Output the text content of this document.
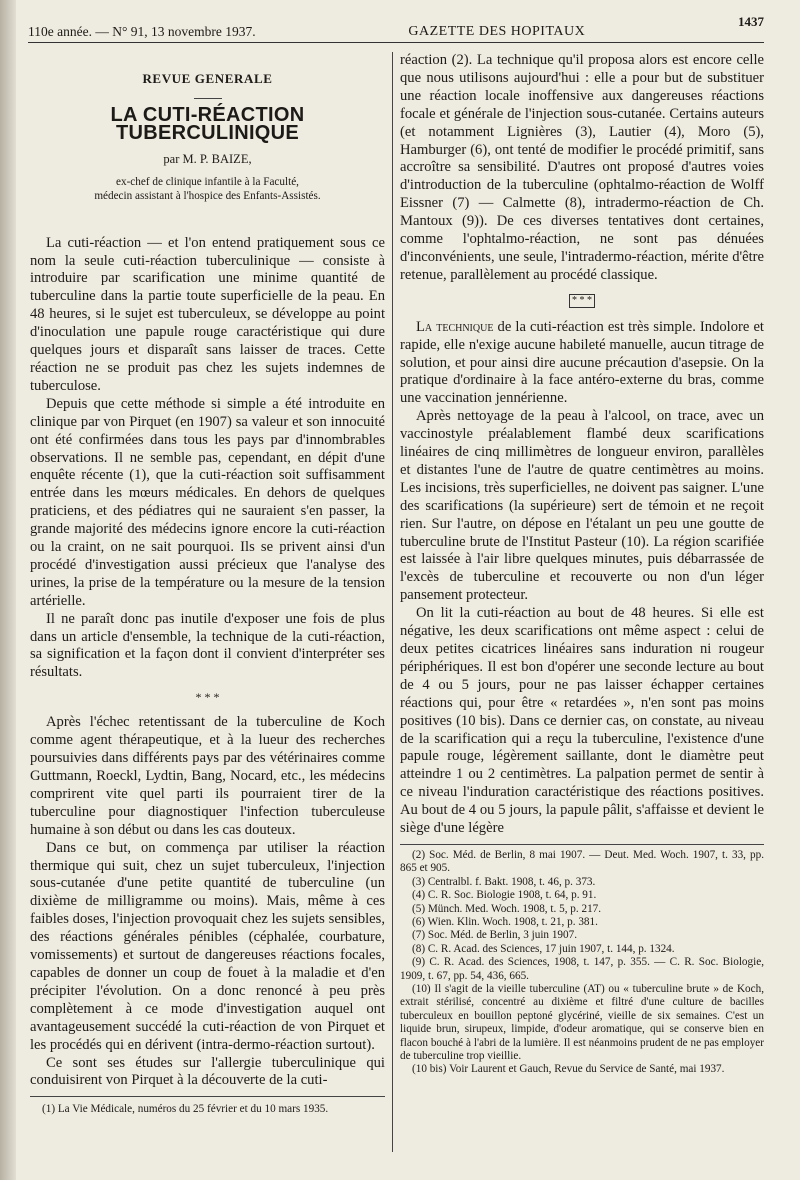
110e année. — N° 91, 13 novembre 1937.	GAZETTE DES HOPITAUX
1437
REVUE GENERALE
LA CUTI-RÉACTION TUBERCULINIQUE
par M. P. BAIZE,
ex-chef de clinique infantile à la Faculté,
médecin assistant à l'hospice des Enfants-Assistés.

La cuti-réaction — et l'on entend pratiquement sous ce nom la seule cuti-réaction tuberculinique — consiste à introduire par scarification une minime quantité de tuberculine dans la partie toute superficielle de la peau. En 48 heures, si le sujet est tuberculeux, se développe au point d'inoculation une papule rouge caractéristique qui dure quelques jours et disparaît sans laisser de traces. Cette réaction ne se produit pas chez les sujets indemnes de tuberculose.

Depuis que cette méthode si simple a été introduite en clinique par von Pirquet (en 1907) sa valeur et son innocuité ont été confirmées dans tous les pays par d'innombrables observations. Il ne semble pas, cependant, en dépit d'une enquête récente (1), que la cuti-réaction soit suffisamment entrée dans les mœurs médicales. En dehors de quelques praticiens, et des pédiatres qui ne sauraient s'en passer, la grande majorité des médecins ignore encore la cuti-réaction ou la craint, on ne sait pourquoi. Ils se privent ainsi d'un procédé d'investigation aussi précieux que l'analyse des urines, la prise de la température ou la mesure de la tension artérielle.

Il ne paraît donc pas inutile d'exposer une fois de plus dans un article d'ensemble, la technique de la cuti-réaction, sa signification et la façon dont il convient d'interpréter ses résultats.

* * *

Après l'échec retentissant de la tuberculine de Koch comme agent thérapeutique, et à la lueur des recherches poursuivies dans différents pays par des vétérinaires comme Guttmann, Roeckl, Lydtin, Bang, Nocard, etc., les médecins comprirent vite quel parti ils pourraient tirer de la tuberculine pour diagnostiquer l'infection tuberculeuse humaine à son début ou dans les cas douteux.

Dans ce but, on commença par utiliser la réaction thermique qui suit, chez un sujet tuberculeux, l'injection sous-cutanée d'une petite quantité de tuberculine (un dixième de milligramme ou moins). Mais, même à ces faibles doses, l'injection provoquait chez les sujets sensibles, des réactions générales pénibles (céphalée, courbature, vomissements) et surtout de dangereuses réactions focales, capables de donner un coup de fouet à la maladie et d'en précipiter l'évolution. On a donc renoncé à peu près complètement à ce mode d'investigation auquel ont avantageusement succédé la cuti-réaction de von Pirquet et les procédés qui en dérivent (intra-dermo-réaction surtout).

Ce sont ses études sur l'allergie tuberculinique qui conduisirent von Pirquet à la découverte de la cuti-

(1) La Vie Médicale, numéros du 25 février et du 10 mars 1935.

réaction (2). La technique qu'il proposa alors est encore celle que nous utilisons aujourd'hui : elle a pour but de substituer une réaction locale inoffensive aux dangereuses réactions focale et générale de l'injection sous-cutanée. Certains auteurs (et notamment Lignières (3), Lautier (4), Moro (5), Hamburger (6), ont tenté de modifier le procédé primitif, sans accroître sa sensibilité. D'autres ont proposé d'autres voies d'introduction de la tuberculine (ophtalmo-réaction de Wolff Eissner (7) — Calmette (8), intradermo-réaction de Ch. Mantoux (9)). De ces diverses tentatives dont certaines, comme l'ophtalmo-réaction, ne sont pas dénuées d'inconvénients, une seule, l'intradermo-réaction, mérite d'être retenue, parallèlement au procédé classique.

* * *

La technique de la cuti-réaction est très simple. Indolore et rapide, elle n'exige aucune habileté manuelle, aucun titrage de solution, et pour ainsi dire aucune précaution d'asepsie. On la pratique d'ordinaire à la face antéro-externe du bras, comme une vaccination jennérienne.

Après nettoyage de la peau à l'alcool, on trace, avec un vaccinostyle préalablement flambé deux scarifications linéaires de cinq millimètres de longueur environ, parallèles et distantes l'une de l'autre de quatre centimètres au moins. Les incisions, très superficielles, ne doivent pas saigner. L'une des scarifications (la supérieure) sert de témoin et ne reçoit rien. Sur l'autre, on dépose en l'étalant un peu une goutte de tuberculine brute de l'Institut Pasteur (10). La région scarifiée est laissée à l'air libre quelques minutes, puis débarrassée de l'excès de tuberculine et recouverte ou non d'un léger pansement protecteur.

On lit la cuti-réaction au bout de 48 heures. Si elle est négative, les deux scarifications ont même aspect : celui de deux petites cicatrices linéaires sans induration ni rougeur périphériques. Il est bon d'opérer une seconde lecture au bout de 4 ou 5 jours, pour ne pas laisser échapper certaines réactions qui, pour être « retardées », n'en sont pas moins positives (10 bis). Dans ce dernier cas, on constate, au niveau de la scarification qui a reçu la tuberculine, l'existence d'une papule rouge, légèrement saillante, dont le diamètre peut atteindre 1 ou 2 centimètres. La palpation permet de sentir à ce niveau l'induration caractéristique des réactions positives. Au bout de 4 ou 5 jours, la papule pâlit, s'affaisse et devient le siège d'une légère

(2) Soc. Méd. de Berlin, 8 mai 1907. — Deut. Med. Woch. 1907, t. 33, pp. 865 et 905.

(3) Centralbl. f. Bakt. 1908, t. 46, p. 373.

(4) C. R. Soc. Biologie 1908, t. 64, p. 91.

(5) Münch. Med. Woch. 1908, t. 5, p. 217.

(6) Wien. Klin. Woch. 1908, t. 21, p. 381.

(7) Soc. Méd. de Berlin, 3 juin 1907.

(8) C. R. Acad. des Sciences, 17 juin 1907, t. 144, p. 1324.

(9) C. R. Acad. des Sciences, 1908, t. 147, p. 355. — C. R. Soc. Biologie, 1909, t. 67, pp. 54, 436, 665.

(10) Il s'agit de la vieille tuberculine (AT) ou « tuberculine brute » de Koch, extrait stérilisé, concentré au dixième et filtré d'une culture de bacilles tuberculeux en bouillon peptoné glycériné, vieille de six semaines. C'est un liquide brun, sirupeux, limpide, d'odeur aromatique, qui se conserve bien en flacon bouché à l'abri de la lumière. Il est néanmoins prudent de ne pas employer de tuberculine trop vieillie.

(10 bis) Voir Laurent et Gauch, Revue du Service de Santé, mai 1937.
